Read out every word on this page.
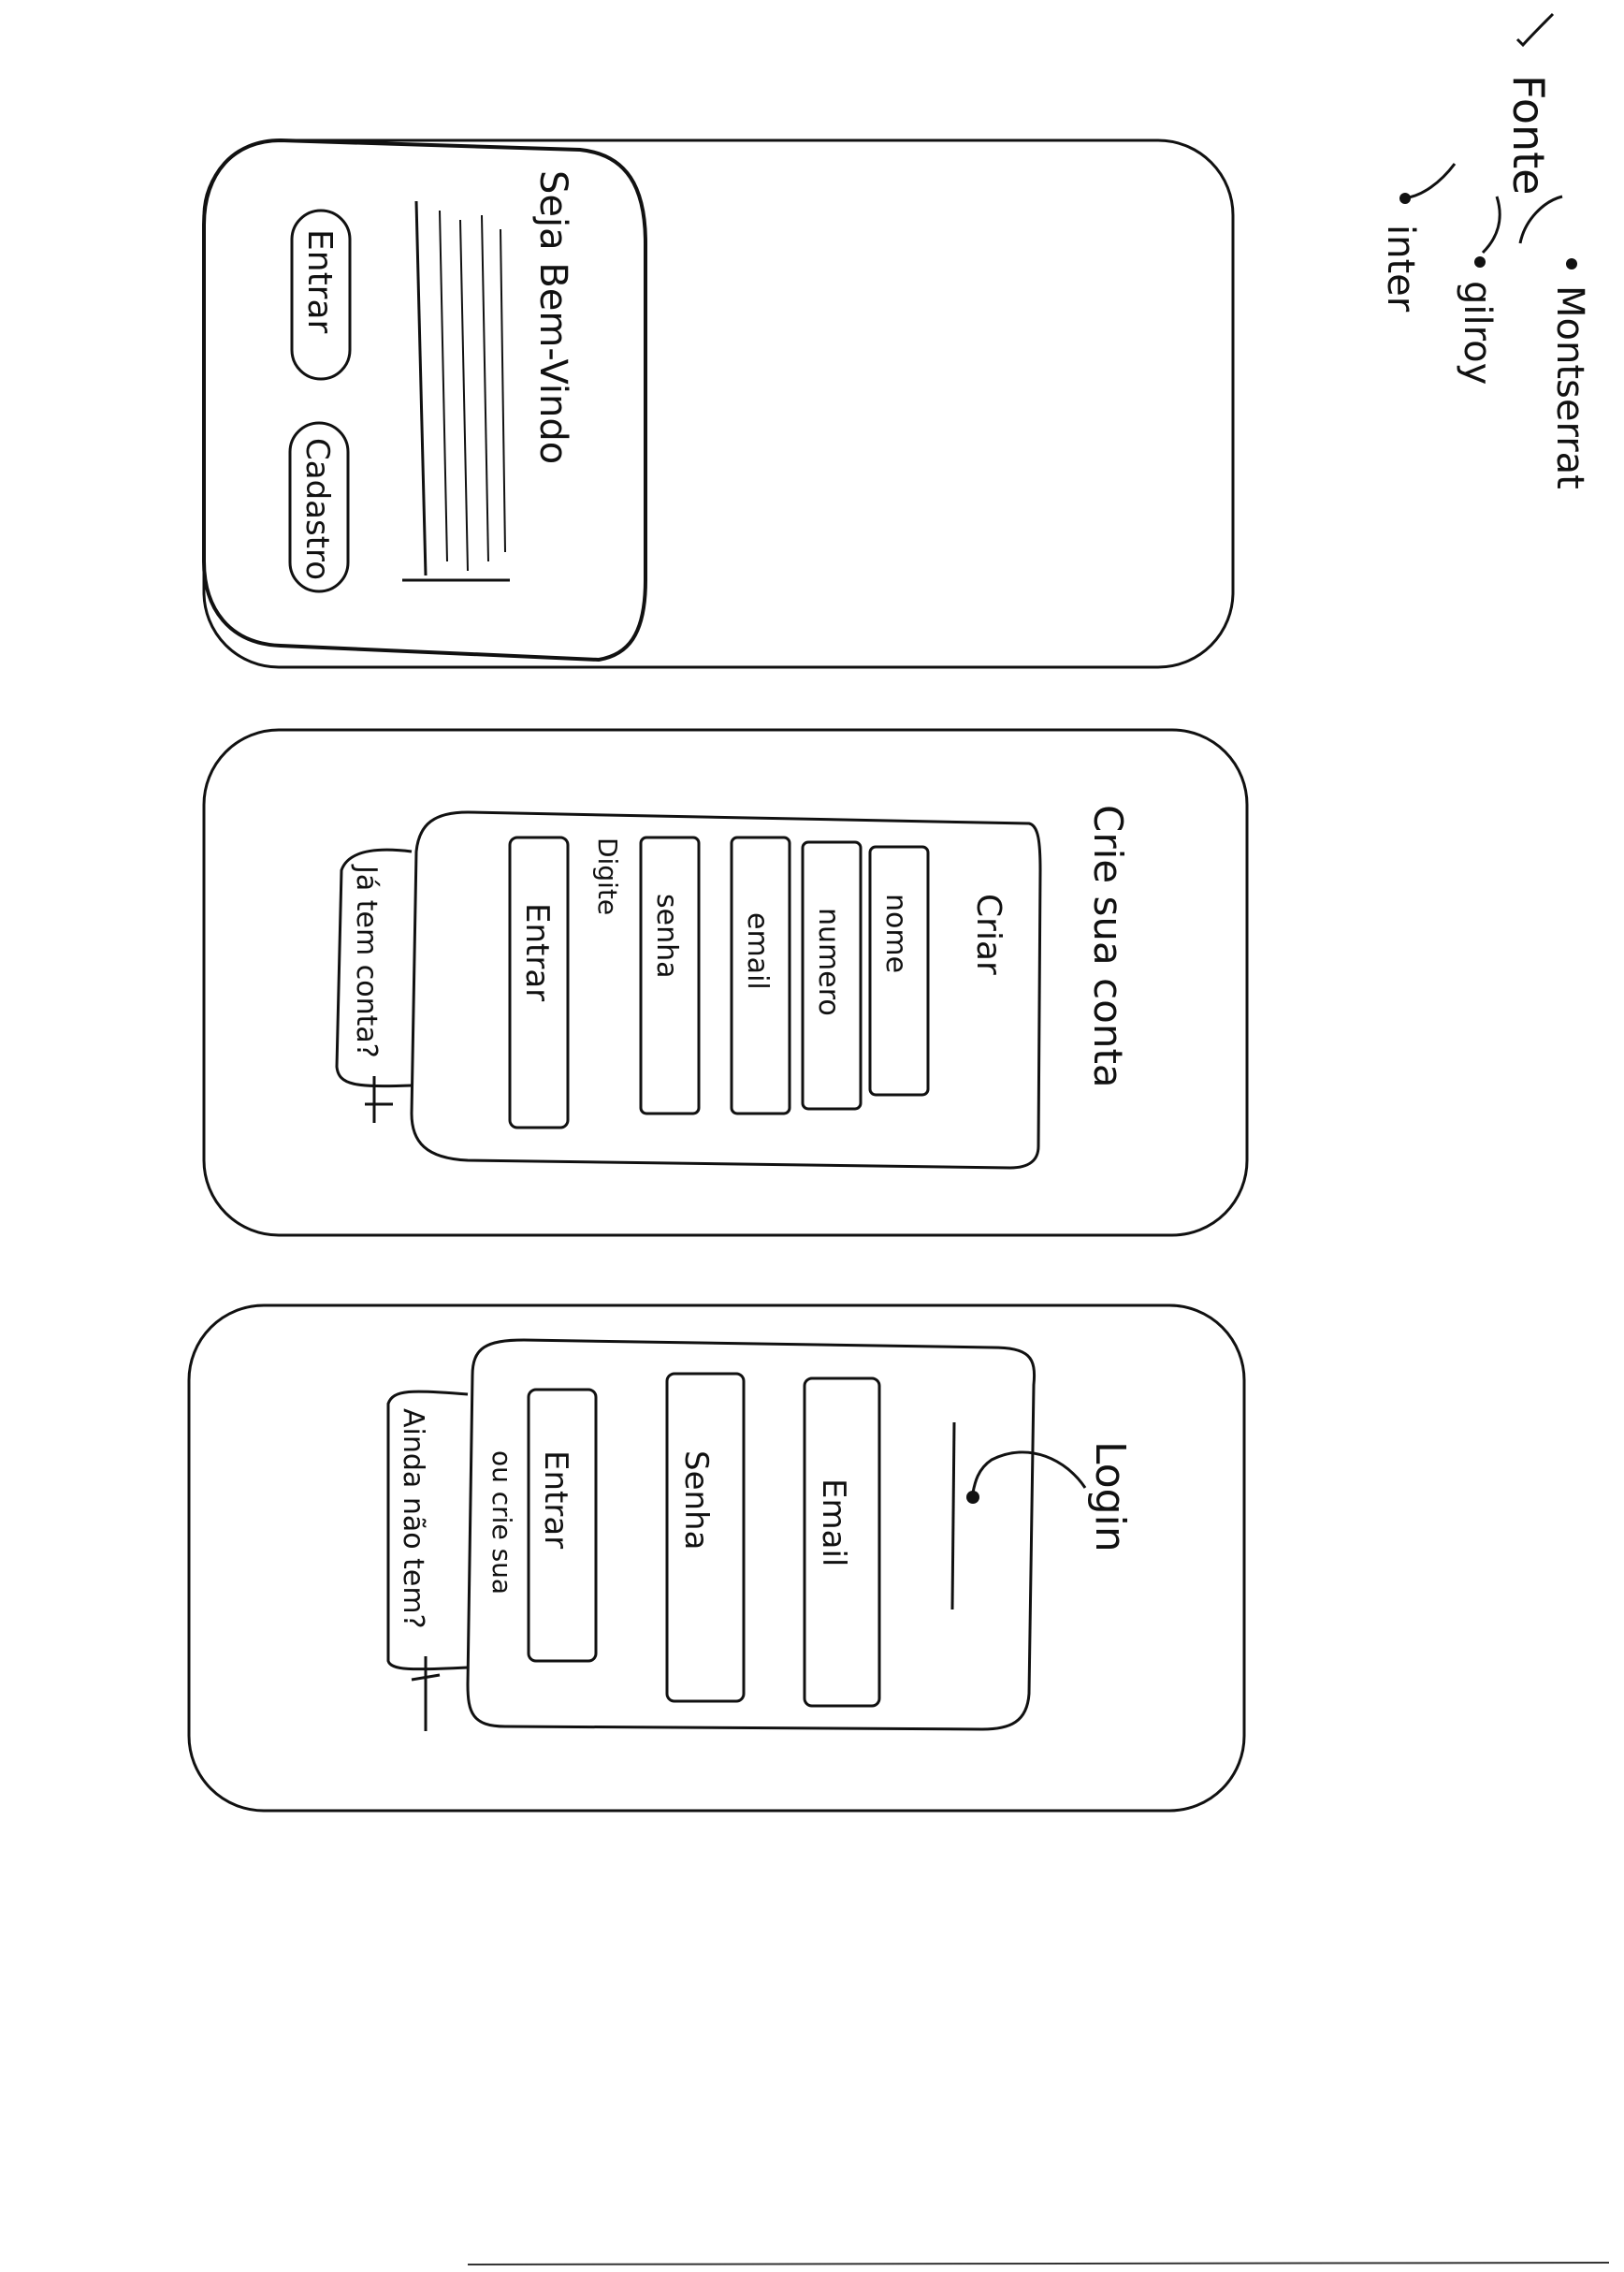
Fonte
Montserrat
gilroy
inter
Seja Bem-Vindo
Entrar
Cadastro
Crie sua conta
Criar
nome
numero
email
senha
Digite
Entrar
Já tem conta?
Login
Email
Senha
Entrar
ou crie sua
Ainda não tem?
